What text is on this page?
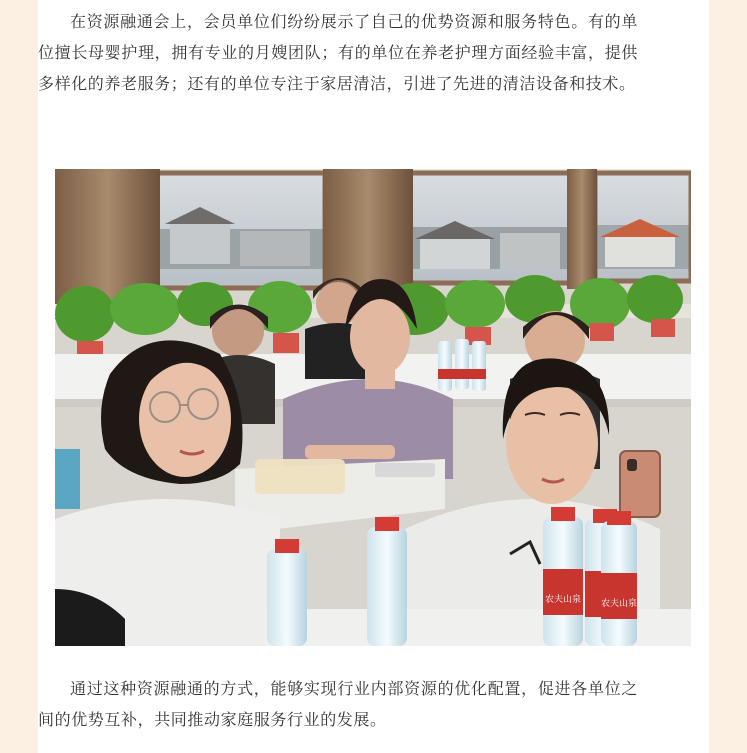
在资源融通会上，会员单位们纷纷展示了自己的优势资源和服务特色。有的单位擅长母婴护理，拥有专业的月嫂团队；有的单位在养老护理方面经验丰富，提供多样化的养老服务；还有的单位专注于家居清洁，引进了先进的清洁设备和技术。

农夫山泉 农夫山泉

通过这种资源融通的方式，能够实现行业内部资源的优化配置，促进各单位之间的优势互补，共同推动家庭服务行业的发展。
